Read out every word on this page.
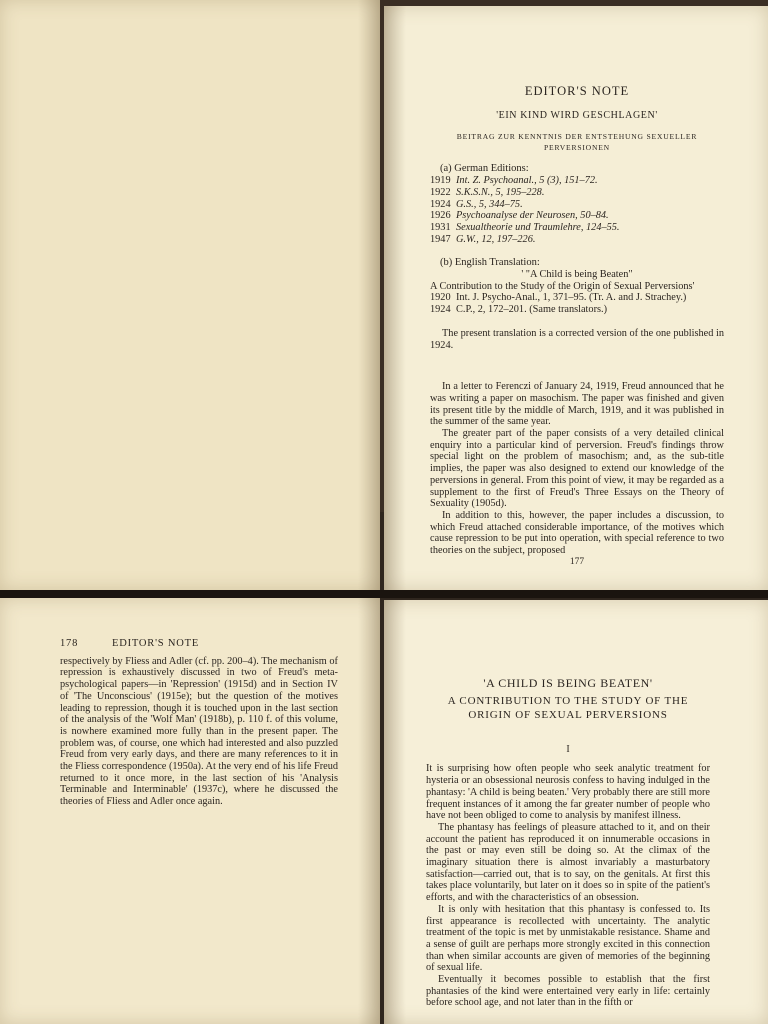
EDITOR'S NOTE
'EIN KIND WIRD GESCHLAGEN'
BEITRAG ZUR KENNTNIS DER ENTSTEHUNG SEXUELLER
PERVERSIONEN
(a) German Editions:
1919 Int. Z. Psychoanal., 5 (3), 151–72.
1922 S.K.S.N., 5, 195–228.
1924 G.S., 5, 344–75.
1926 Psychoanalyse der Neurosen, 50–84.
1931 Sexualtheorie und Traumlehre, 124–55.
1947 G.W., 12, 197–226.
(b) English Translation:
' "A Child is being Beaten"
A Contribution to the Study of the Origin of Sexual Perversions'
1920 Int. J. Psycho-Anal., 1, 371–95. (Tr. A. and J. Strachey.)
1924 C.P., 2, 172–201. (Same translators.)

The present translation is a corrected version of the one published in 1924.

In a letter to Ferenczi of January 24, 1919, Freud announced that he was writing a paper on masochism. The paper was finished and given its present title by the middle of March, 1919, and it was published in the summer of the same year.

The greater part of the paper consists of a very detailed clinical enquiry into a particular kind of perversion. Freud's findings throw special light on the problem of masochism; and, as the sub-title implies, the paper was also designed to extend our knowledge of the perversions in general. From this point of view, it may be regarded as a supplement to the first of Freud's Three Essays on the Theory of Sexuality (1905d).

In addition to this, however, the paper includes a discussion, to which Freud attached considerable importance, of the motives which cause repression to be put into operation, with special reference to two theories on the subject, proposed

177
178	EDITOR'S NOTE

respectively by Fliess and Adler (cf. pp. 200–4). The mechanism of repression is exhaustively discussed in two of Freud's meta-psychological papers—in 'Repression' (1915d) and in Section IV of 'The Unconscious' (1915e); but the question of the motives leading to repression, though it is touched upon in the last section of the analysis of the 'Wolf Man' (1918b), p. 110 f. of this volume, is nowhere examined more fully than in the present paper. The problem was, of course, one which had interested and also puzzled Freud from very early days, and there are many references to it in the Fliess correspondence (1950a). At the very end of his life Freud returned to it once more, in the last section of his 'Analysis Terminable and Interminable' (1937c), where he discussed the theories of Fliess and Adler once again.

'A CHILD IS BEING BEATEN'
A CONTRIBUTION TO THE STUDY OF THE
ORIGIN OF SEXUAL PERVERSIONS
I

It is surprising how often people who seek analytic treatment for hysteria or an obsessional neurosis confess to having indulged in the phantasy: 'A child is being beaten.' Very probably there are still more frequent instances of it among the far greater number of people who have not been obliged to come to analysis by manifest illness.

The phantasy has feelings of pleasure attached to it, and on their account the patient has reproduced it on innumerable occasions in the past or may even still be doing so. At the climax of the imaginary situation there is almost invariably a masturbatory satisfaction—carried out, that is to say, on the genitals. At first this takes place voluntarily, but later on it does so in spite of the patient's efforts, and with the characteristics of an obsession.

It is only with hesitation that this phantasy is confessed to. Its first appearance is recollected with uncertainty. The analytic treatment of the topic is met by unmistakable resistance. Shame and a sense of guilt are perhaps more strongly excited in this connection than when similar accounts are given of memories of the beginning of sexual life.

Eventually it becomes possible to establish that the first phantasies of the kind were entertained very early in life: certainly before school age, and not later than in the fifth or
